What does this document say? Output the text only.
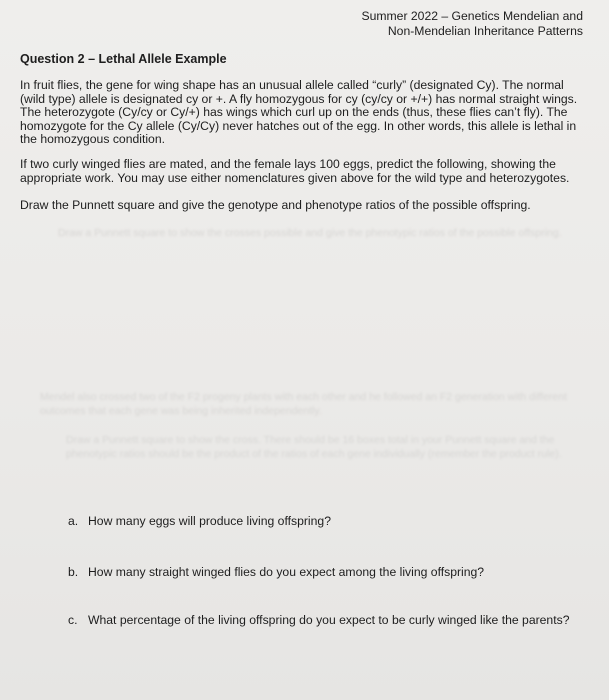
Summer 2022 – Genetics Mendelian and
Non-Mendelian Inheritance Patterns
Question 2 – Lethal Allele Example

In fruit flies, the gene for wing shape has an unusual allele called “curly” (designated Cy). The normal (wild type) allele is designated cy or +. A fly homozygous for cy (cy/cy or +/+) has normal straight wings. The heterozygote (Cy/cy or Cy/+) has wings which curl up on the ends (thus, these flies can’t fly). The homozygote for the Cy allele (Cy/Cy) never hatches out of the egg. In other words, this allele is lethal in the homozygous condition.

If two curly winged flies are mated, and the female lays 100 eggs, predict the following, showing the appropriate work. You may use either nomenclatures given above for the wild type and heterozygotes.

Draw the Punnett square and give the genotype and phenotype ratios of the possible offspring.

Draw a Punnett square to show the crosses possible and give the phenotypic ratios of the possible offspring.

Mendel also crossed two of the F2 progeny plants with each other and he followed an F2 generation with different outcomes that each gene was being inherited independently.

Draw a Punnett square to show the cross. There should be 16 boxes total in your Punnett square and the phenotypic ratios should be the product of the ratios of each gene individually (remember the product rule).

a. How many eggs will produce living offspring?
b. How many straight winged flies do you expect among the living offspring?
c. What percentage of the living offspring do you expect to be curly winged like the parents?
